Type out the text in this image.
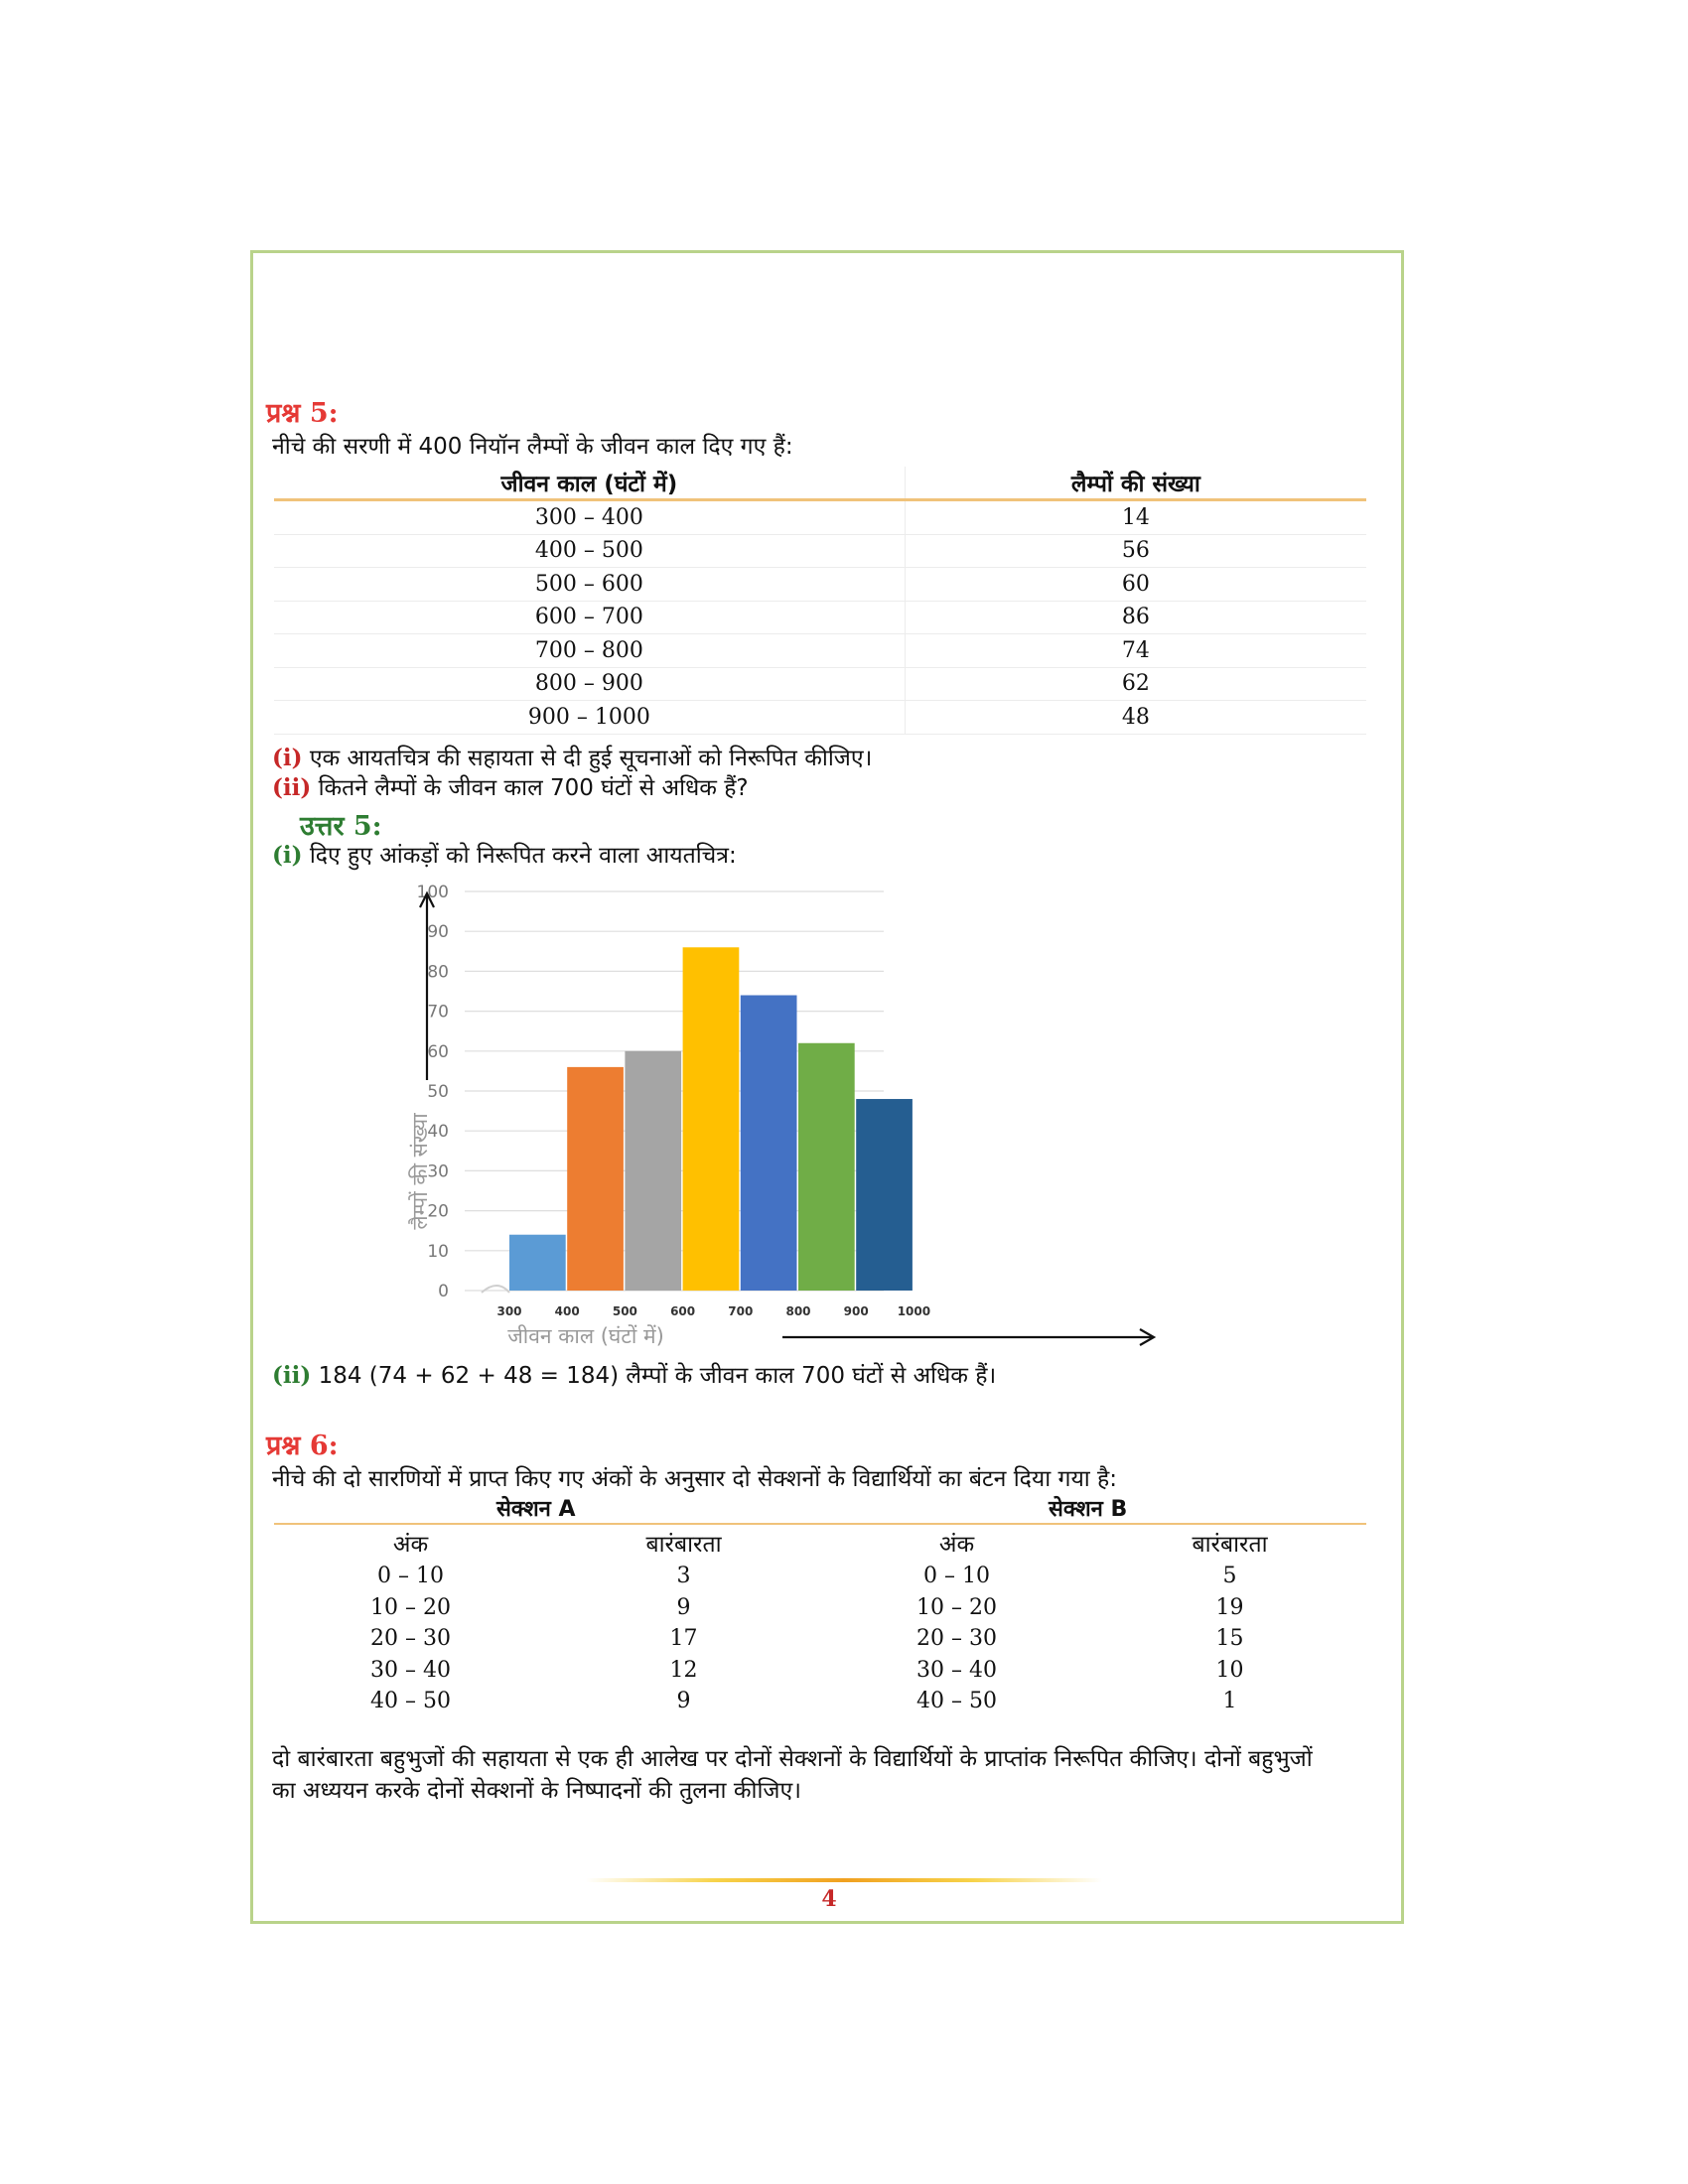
प्रश्न 5:
नीचे की सरणी में 400 नियॉन लैम्पों के जीवन काल दिए गए हैं:
जीवन काल (घंटों में)	लैम्पों की संख्या
300 – 400	14
400 – 500	56
500 – 600	60
600 – 700	86
700 – 800	74
800 – 900	62
900 – 1000	48
(i) एक आयतचित्र की सहायता से दी हुई सूचनाओं को निरूपित कीजिए।
(ii) कितने लैम्पों के जीवन काल 700 घंटों से अधिक हैं?
उत्तर 5:
(i) दिए हुए आंकड़ों को निरूपित करने वाला आयतचित्र:
0
10
20
30
40
50
60
70
80
90
100
300	400	500	600	700	800	900 1000
लैम्पों की संख्या
जीवन काल (घंटों में)
(ii) 184 (74 + 62 + 48 = 184) लैम्पों के जीवन काल 700 घंटों से अधिक हैं।
प्रश्न 6:
नीचे की दो सारणियों में प्राप्त किए गए अंकों के अनुसार दो सेक्शनों के विद्यार्थियों का बंटन दिया गया है:
सेक्शन A	सेक्शन B
अंक	बारंबारता	अंक	बारंबारता
0 – 10	3	0 – 10	5
10 – 20	9	10 – 20	19
20 – 30	17	20 – 30	15
30 – 40	12	30 – 40	10
40 – 50	9	40 – 50	1
दो बारंबारता बहुभुजों की सहायता से एक ही आलेख पर दोनों सेक्शनों के विद्यार्थियों के प्राप्तांक निरूपित कीजिए। दोनों बहुभुजों
का अध्ययन करके दोनों सेक्शनों के निष्पादनों की तुलना कीजिए।
4
